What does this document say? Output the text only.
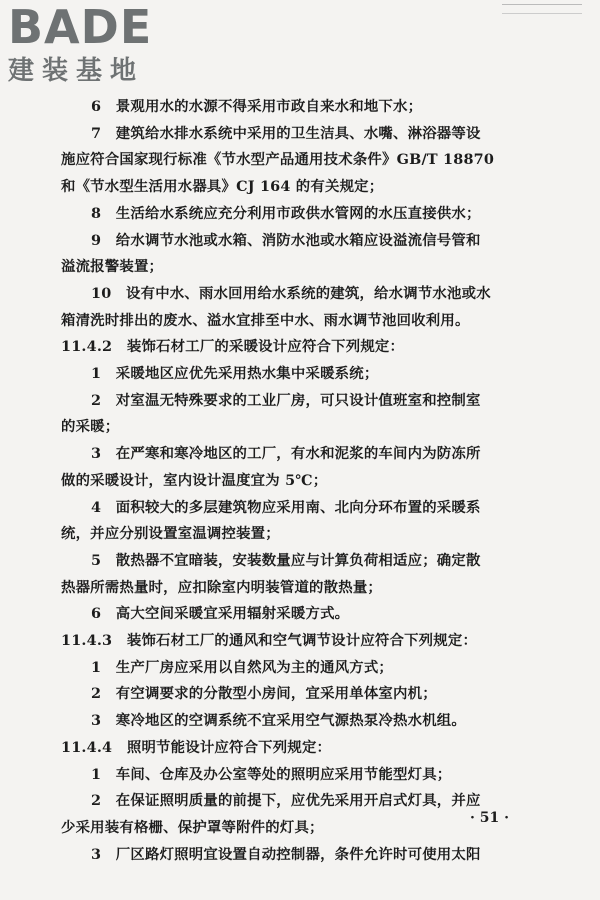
BADE
建装基地
6　景观用水的水源不得采用市政自来水和地下水；
7　建筑给水排水系统中采用的卫生洁具、水嘴、淋浴器等设
施应符合国家现行标准《节水型产品通用技术条件》GB/T 18870
和《节水型生活用水器具》CJ 164 的有关规定；
8　生活给水系统应充分利用市政供水管网的水压直接供水；
9　给水调节水池或水箱、消防水池或水箱应设溢流信号管和
溢流报警装置；
10　设有中水、雨水回用给水系统的建筑，给水调节水池或水
箱清洗时排出的废水、溢水宜排至中水、雨水调节池回收利用。
11.4.2　装饰石材工厂的采暖设计应符合下列规定：
1　采暖地区应优先采用热水集中采暖系统；
2　对室温无特殊要求的工业厂房，可只设计值班室和控制室
的采暖；
3　在严寒和寒冷地区的工厂，有水和泥浆的车间内为防冻所
做的采暖设计，室内设计温度宜为 5℃；
4　面积较大的多层建筑物应采用南、北向分环布置的采暖系
统，并应分别设置室温调控装置；
5　散热器不宜暗装，安装数量应与计算负荷相适应；确定散
热器所需热量时，应扣除室内明装管道的散热量；
6　高大空间采暖宜采用辐射采暖方式。
11.4.3　装饰石材工厂的通风和空气调节设计应符合下列规定：
1　生产厂房应采用以自然风为主的通风方式；
2　有空调要求的分散型小房间，宜采用单体室内机；
3　寒冷地区的空调系统不宜采用空气源热泵冷热水机组。
11.4.4　照明节能设计应符合下列规定：
1　车间、仓库及办公室等处的照明应采用节能型灯具；
2　在保证照明质量的前提下，应优先采用开启式灯具，并应
少采用装有格栅、保护罩等附件的灯具；
3　厂区路灯照明宜设置自动控制器，条件允许时可使用太阳
· 51 ·
